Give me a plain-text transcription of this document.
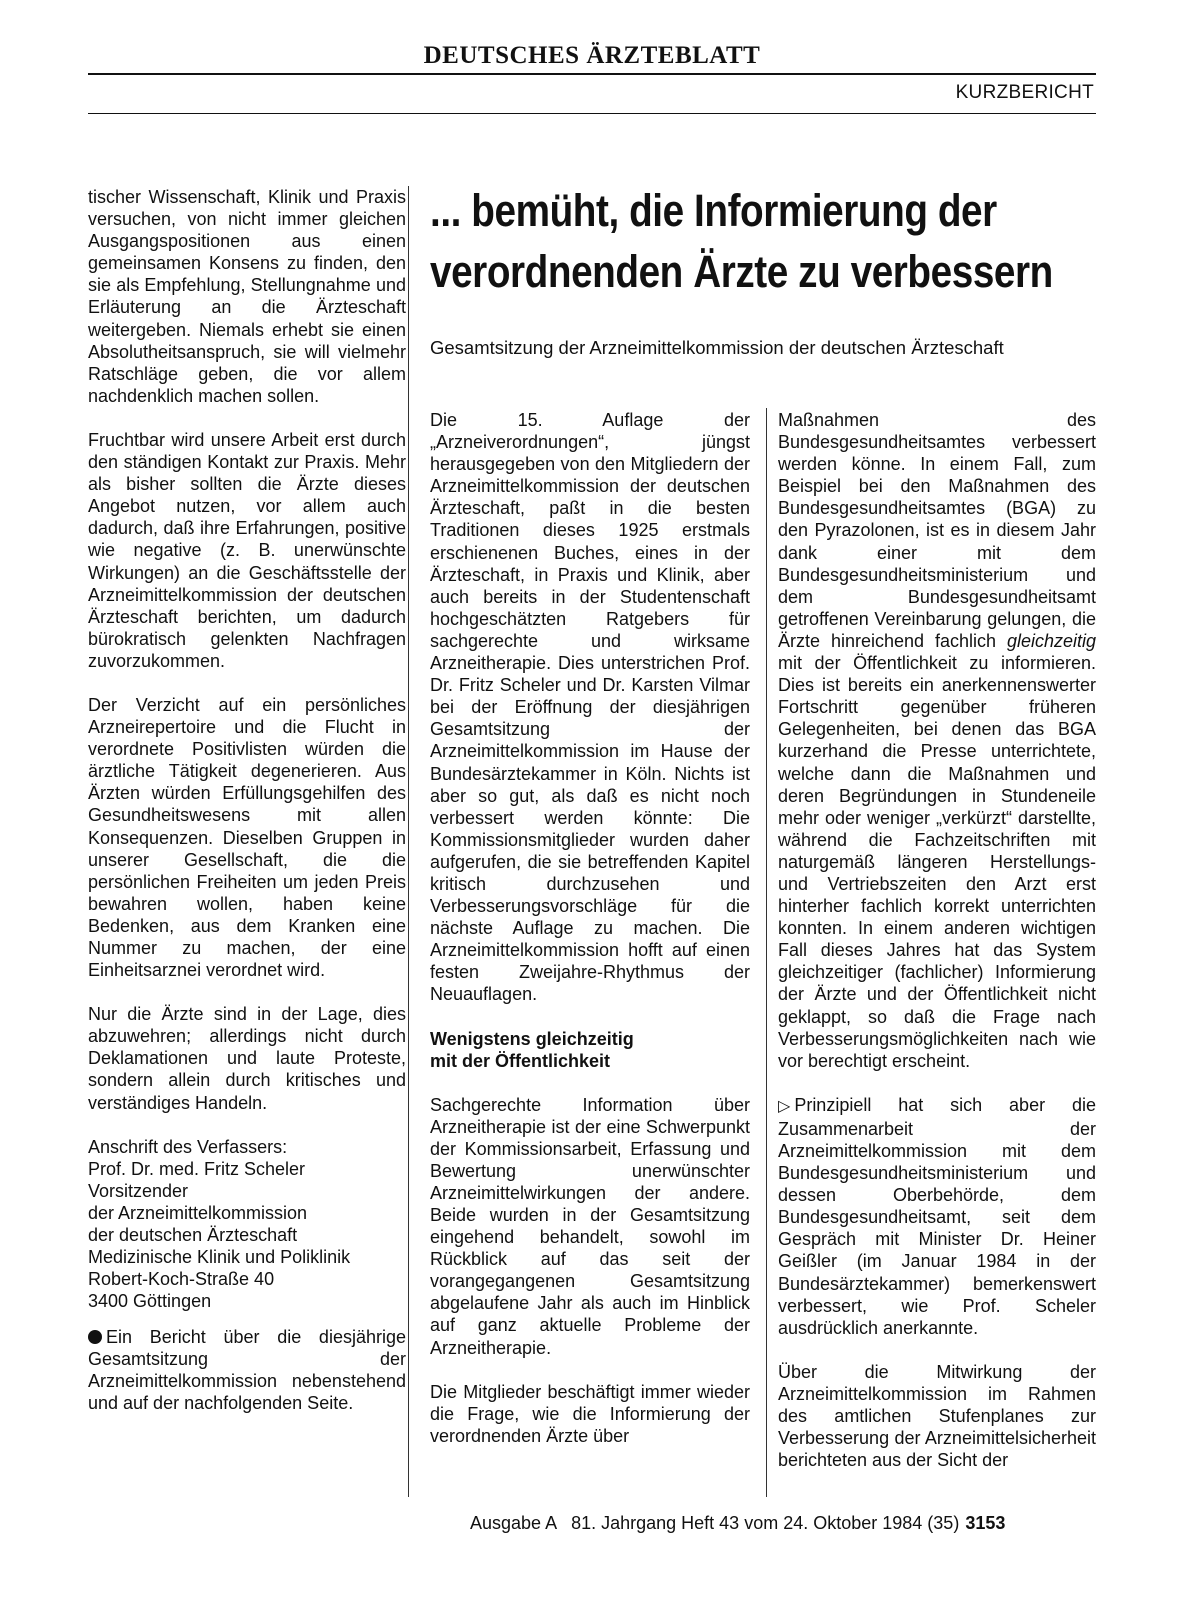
DEUTSCHES ÄRZTEBLATT
KURZBERICHT

tischer Wissenschaft, Klinik und Praxis versuchen, von nicht immer gleichen Ausgangspositionen aus einen gemeinsamen Konsens zu finden, den sie als Empfehlung, Stellungnahme und Erläuterung an die Ärzteschaft weitergeben. Niemals erhebt sie einen Absolutheitsanspruch, sie will vielmehr Ratschläge geben, die vor allem nachdenklich machen sollen.

Fruchtbar wird unsere Arbeit erst durch den ständigen Kontakt zur Praxis. Mehr als bisher sollten die Ärzte dieses Angebot nutzen, vor allem auch dadurch, daß ihre Erfahrungen, positive wie negative (z. B. unerwünschte Wirkungen) an die Geschäftsstelle der Arzneimittelkommission der deutschen Ärzteschaft berichten, um dadurch bürokratisch gelenkten Nachfragen zuvorzukommen.

Der Verzicht auf ein persönliches Arzneirepertoire und die Flucht in verordnete Positivlisten würden die ärztliche Tätigkeit degenerieren. Aus Ärzten würden Erfüllungsgehilfen des Gesundheitswesens mit allen Konsequenzen. Dieselben Gruppen in unserer Gesellschaft, die die persönlichen Freiheiten um jeden Preis bewahren wollen, haben keine Bedenken, aus dem Kranken eine Nummer zu machen, der eine Einheitsarznei verordnet wird.

Nur die Ärzte sind in der Lage, dies abzuwehren; allerdings nicht durch Deklamationen und laute Proteste, sondern allein durch kritisches und verständiges Handeln.

Anschrift des Verfassers:
Prof. Dr. med. Fritz Scheler
Vorsitzender
der Arzneimittelkommission
der deutschen Ärzteschaft
Medizinische Klinik und Poliklinik
Robert-Koch-Straße 40
3400 Göttingen

Ein Bericht über die diesjährige Gesamtsitzung der Arzneimittelkommission nebenstehend und auf der nachfolgenden Seite.

... bemüht, die Informierung der
verordnenden Ärzte zu verbessern
Gesamtsitzung der Arzneimittelkommission der deutschen Ärzteschaft

Die 15. Auflage der „Arzneiverordnungen“, jüngst herausgegeben von den Mitgliedern der Arzneimittelkommission der deutschen Ärzteschaft, paßt in die besten Traditionen dieses 1925 erstmals erschienenen Buches, eines in der Ärzteschaft, in Praxis und Klinik, aber auch bereits in der Studentenschaft hochgeschätzten Ratgebers für sachgerechte und wirksame Arzneitherapie. Dies unterstrichen Prof. Dr. Fritz Scheler und Dr. Karsten Vilmar bei der Eröffnung der diesjährigen Gesamtsitzung der Arzneimittelkommission im Hause der Bundesärztekammer in Köln. Nichts ist aber so gut, als daß es nicht noch verbessert werden könnte: Die Kommissionsmitglieder wurden daher aufgerufen, die sie betreffenden Kapitel kritisch durchzusehen und Verbesserungsvorschläge für die nächste Auflage zu machen. Die Arzneimittelkommission hofft auf einen festen Zweijahre-Rhythmus der Neuauflagen.

Wenigstens gleichzeitig
mit der Öffentlichkeit

Sachgerechte Information über Arzneitherapie ist der eine Schwerpunkt der Kommissionsarbeit, Erfassung und Bewertung unerwünschter Arzneimittelwirkungen der andere. Beide wurden in der Gesamtsitzung eingehend behandelt, sowohl im Rückblick auf das seit der vorangegangenen Gesamtsitzung abgelaufene Jahr als auch im Hinblick auf ganz aktuelle Probleme der Arzneitherapie.

Die Mitglieder beschäftigt immer wieder die Frage, wie die Informierung der verordnenden Ärzte über

Maßnahmen des Bundesgesundheitsamtes verbessert werden könne. In einem Fall, zum Beispiel bei den Maßnahmen des Bundesgesundheitsamtes (BGA) zu den Pyrazolonen, ist es in diesem Jahr dank einer mit dem Bundesgesundheitsministerium und dem Bundesgesundheitsamt getroffenen Vereinbarung gelungen, die Ärzte hinreichend fachlich gleichzeitig mit der Öffentlichkeit zu informieren. Dies ist bereits ein anerkennenswerter Fortschritt gegenüber früheren Gelegenheiten, bei denen das BGA kurzerhand die Presse unterrichtete, welche dann die Maßnahmen und deren Begründungen in Stundeneile mehr oder weniger „verkürzt“ darstellte, während die Fachzeitschriften mit naturgemäß längeren Herstellungs- und Vertriebszeiten den Arzt erst hinterher fachlich korrekt unterrichten konnten. In einem anderen wichtigen Fall dieses Jahres hat das System gleichzeitiger (fachlicher) Informierung der Ärzte und der Öffentlichkeit nicht geklappt, so daß die Frage nach Verbesserungsmöglichkeiten nach wie vor berechtigt erscheint.

▷ Prinzipiell hat sich aber die Zusammenarbeit der Arzneimittelkommission mit dem Bundesgesundheitsministerium und dessen Oberbehörde, dem Bundesgesundheitsamt, seit dem Gespräch mit Minister Dr. Heiner Geißler (im Januar 1984 in der Bundesärztekammer) bemerkenswert verbessert, wie Prof. Scheler ausdrücklich anerkannte.

Über die Mitwirkung der Arzneimittelkommission im Rahmen des amtlichen Stufenplanes zur Verbesserung der Arzneimittelsicherheit berichteten aus der Sicht der

Ausgabe A 81. Jahrgang Heft 43 vom 24. Oktober 1984 (35) 3153
